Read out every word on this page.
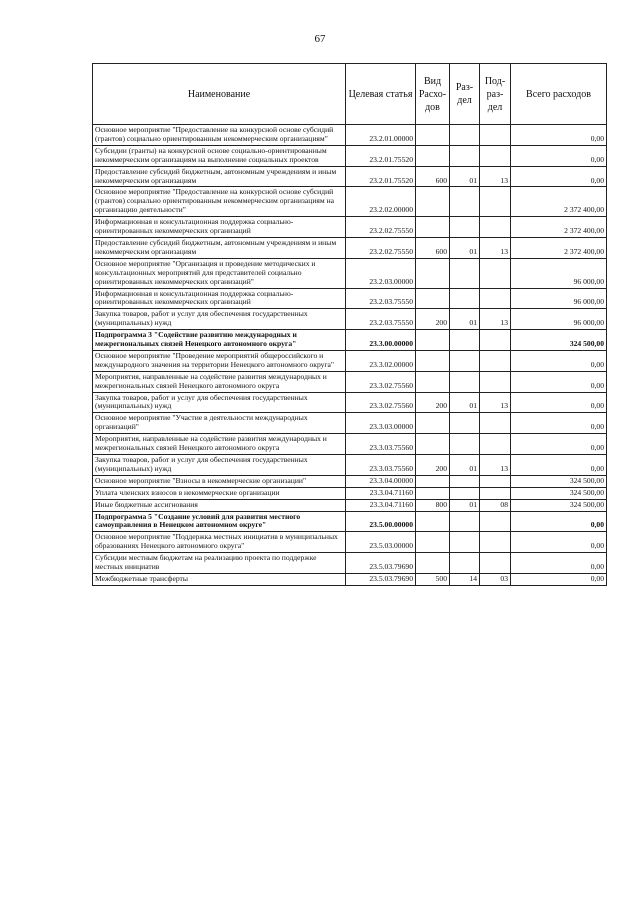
67
Наименование	Целевая статья	Вид Расхо-дов	Раз-дел	Под-раз-дел	Всего расходов
Основное мероприятие "Предоставление на конкурсной основе субсидий (грантов) социально ориентированным некоммерческим организациям"	23.2.01.00000				0,00
Субсидии (гранты) на конкурсной основе социально-ориентированным некоммерческим организациям на выполнение социальных проектов	23.2.01.75520				0,00
Предоставление субсидий бюджетным, автономным учреждениям и иным некоммерческим организациям	23.2.01.75520	600	01	13	0,00
Основное мероприятие "Предоставление на конкурсной основе субсидий (грантов) социально ориентированным некоммерческим организациям на организацию деятельности"	23.2.02.00000				2 372 400,00
Информационная и консультационная поддержка социально-ориентированных некоммерческих организаций	23.2.02.75550				2 372 400,00
Предоставление субсидий бюджетным, автономным учреждениям и иным некоммерческим организациям	23.2.02.75550	600	01	13	2 372 400,00
Основное мероприятие "Организация и проведение методических и консультационных мероприятий для представителей социально ориентированных некоммерческих организаций"	23.2.03.00000				96 000,00
Информационная и консультационная поддержка социально-ориентированных некоммерческих организаций	23.2.03.75550				96 000,00
Закупка товаров, работ и услуг для обеспечения государственных (муниципальных) нужд	23.2.03.75550	200	01	13	96 000,00
Подпрограмма 3 "Содействие развитию международных и межрегиональных связей Ненецкого автономного округа"	23.3.00.00000				324 500,00
Основное мероприятие "Проведение мероприятий общероссийского и международного значения на территории Ненецкого автономного округа"	23.3.02.00000				0,00
Мероприятия, направленные на содействие развития международных и межрегиональных связей Ненецкого автономного округа	23.3.02.75560				0,00
Закупка товаров, работ и услуг для обеспечения государственных (муниципальных) нужд	23.3.02.75560	200	01	13	0,00
Основное мероприятие "Участие в деятельности международных организаций"	23.3.03.00000				0,00
Мероприятия, направленные на содействие развития международных и межрегиональных связей Ненецкого автономного округа	23.3.03.75560				0,00
Закупка товаров, работ и услуг для обеспечения государственных (муниципальных) нужд	23.3.03.75560	200	01	13	0,00
Основное мероприятие "Взносы в некоммерческие организации"	23.3.04.00000				324 500,00
Уплата членских взносов в некоммерческие организации	23.3.04.71160				324 500,00
Иные бюджетные ассигнования	23.3.04.71160	800	01	08	324 500,00
Подпрограмма 5 "Создание условий для развития местного самоуправления в Ненецком автономном округе"	23.5.00.00000				0,00
Основное мероприятие "Поддержка местных инициатив в муниципальных образованиях Ненецкого автономного округа"	23.5.03.00000				0,00
Субсидии местным бюджетам на реализацию проекта по поддержке местных инициатив	23.5.03.79690				0,00
Межбюджетные трансферты	23.5.03.79690	500	14	03	0,00
